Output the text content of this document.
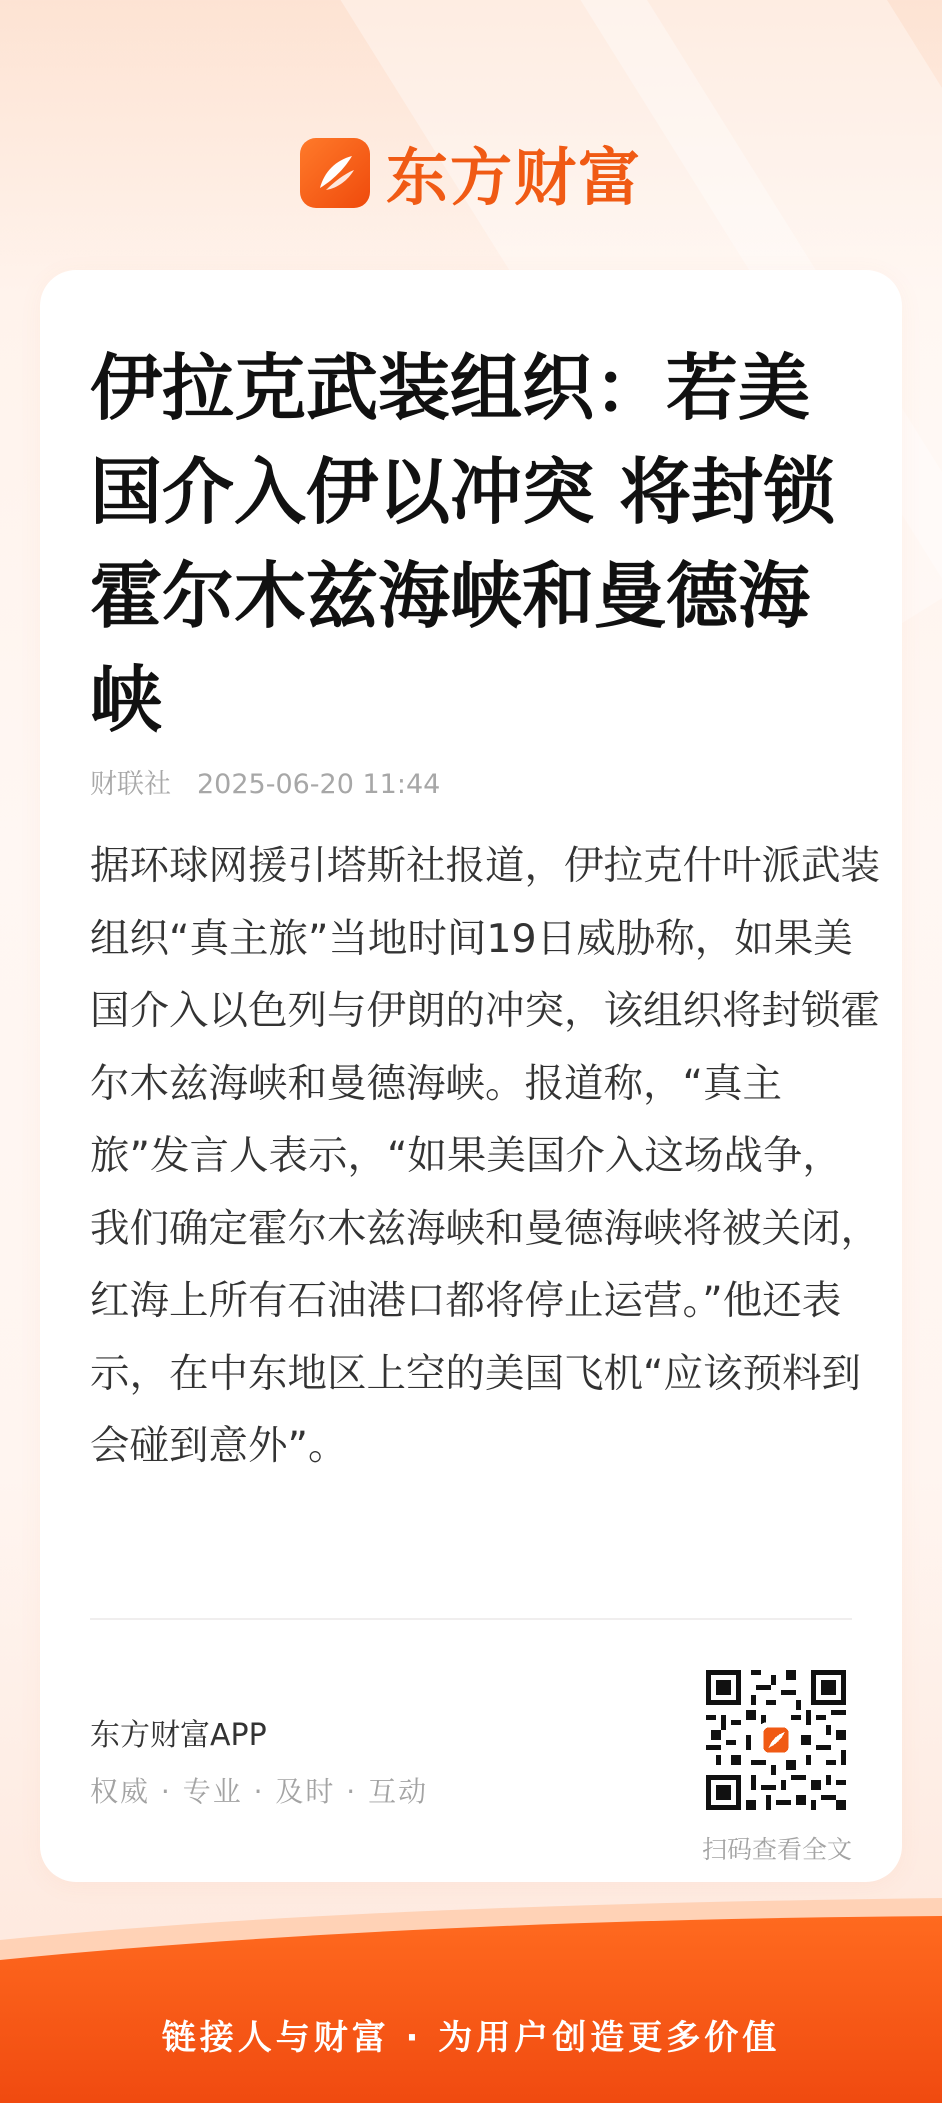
东方财富
伊拉克武装组织：若美国介入伊以冲突 将封锁霍尔木兹海峡和曼德海峡
财联社 2025-06-20 11:44

据环球网援引塔斯社报道，伊拉克什叶派武装组织“真主旅”当地时间19日威胁称，如果美国介入以色列与伊朗的冲突，该组织将封锁霍尔木兹海峡和曼德海峡。报道称，“真主旅”发言人表示，“如果美国介入这场战争，我们确定霍尔木兹海峡和曼德海峡将被关闭，红海上所有石油港口都将停止运营。”他还表示，在中东地区上空的美国飞机“应该预料到会碰到意外”。

东方财富APP
权威 · 专业 · 及时 · 互动
扫码查看全文
链接人与财富 · 为用户创造更多价值
